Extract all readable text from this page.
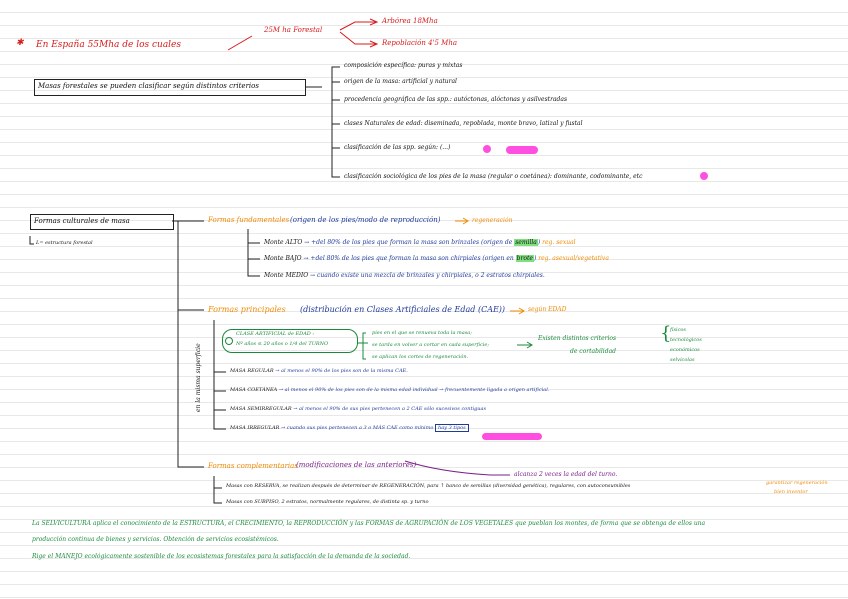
✱ En España 55Mha de los cuales
25M ha Forestal
Arbórea 18Mha
Repoblación 4'5 Mha
Masas forestales se pueden clasificar según distintos criterios
composición específica: puras y mixtas
origen de la masa: artificial y natural
procedencia geográfica de las spp.: autóctonas, alóctonas y asilvestradas
clases Naturales de edad: diseminada, repoblada, monte bravo, latizal y fustal
clasificación de las spp. según: (...)
clasificación sociológica de los pies de la masa (regular o coetánea): dominante, codominante, etc
Formas culturales de masa
L= estructura forestal
Formas fundamentales (origen de los pies/modo de reproducción)	regeneración
Monte ALTO → +del 80% de los pies que forman la masa son brinzales (origen de semilla) reg. sexual
Monte BAJO → +del 80% de los pies que forman la masa son chirpiales (origen en brote) reg. asexual/vegetativa
Monte MEDIO → cuando existe una mezcla de brinzales y chirpiales, o 2 estratos chirpiales.
Formas principales (distribución en Clases Artificiales de Edad (CAE))	según EDAD
CLASE ARTIFICIAL de EDAD :
Nº años ≤ 20 años o 1/4 del TURNO
pies en el que se renueva toda la masa;
se tarda en volver a cortar en cada superficie;
se aplican los cortes de regeneración.
Existen distintos criterios
de cortabilidad
{
físicos
tecnológicos
económicos
selvícolas
en la misma superficie	MASA REGULAR → al menos el 90% de los pies son de la misma CAE.
MASA COETÁNEA → al menos el 90% de los pies son de la misma edad individual → frecuentemente ligada a origen artificial.
MASA SEMIRREGULAR → al menos el 90% de sus pies pertenecen a 2 CAE sólo sucesivos contiguas
MASA IRREGULAR → cuando sus pies pertenecen a 3 o MÁS CAE como mínimo hay 3 tipos
Formas complementarias
(modificaciones de las anteriores)
alcanza 2 veces la edad del turno.
Masas con RESERVA, se realizan después de determinar de REGENERACIÓN, para ↑ banco de semillas (diversidad genética), regulares, con autoconsumibles
Masas con SUBPISO, 2 estratos, normalmente regulares, de distinta sp. y turno
garantizar regeneración
bien inventor
La SELVICULTURA aplica el conocimiento de la ESTRUCTURA, el CRECIMIENTO, la REPRODUCCIÓN y las FORMAS de AGRUPACIÓN de LOS VEGETALES que pueblan los montes, de forma que se obtenga de ellos una
producción continua de bienes y servicios. Obtención de servicios ecosistémicos.
Rige el MANEJO ecológicamente sostenible de los ecosistemas forestales para la satisfacción de la demanda de la sociedad.
